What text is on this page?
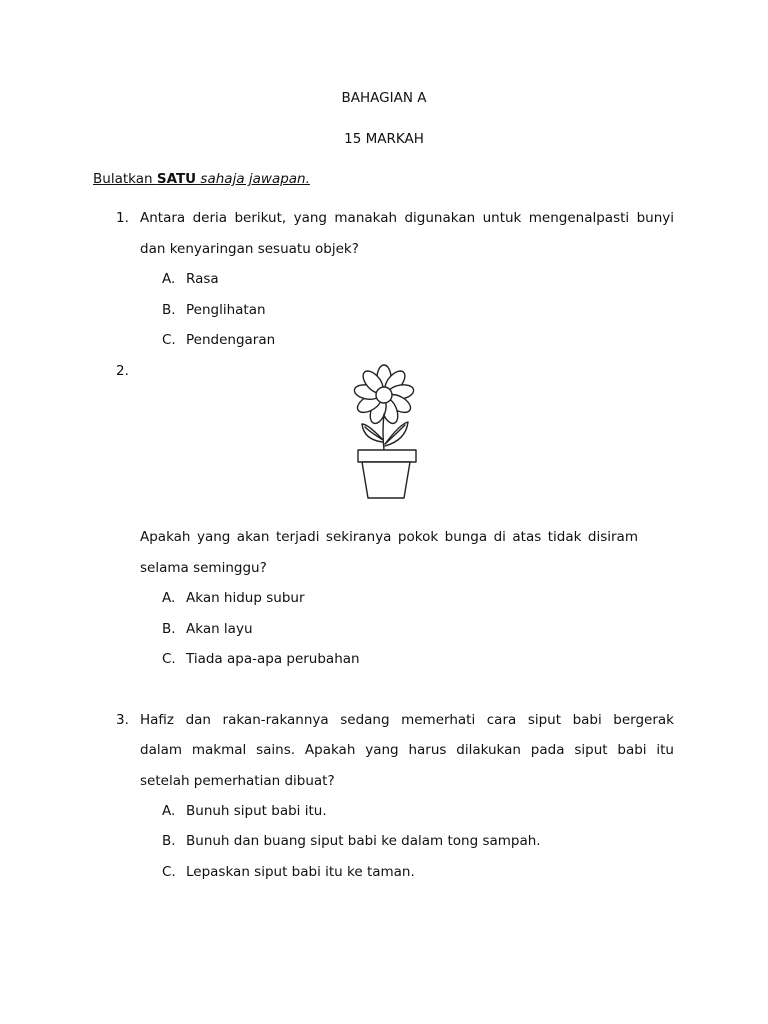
BAHAGIAN A
15 MARKAH
Bulatkan SATU sahaja jawapan.
1. Antara deria berikut, yang manakah digunakan untuk mengenalpasti bunyi
dan kenyaringan sesuatu objek?
A. Rasa
B. Penglihatan
C. Pendengaran
2.
Apakah yang akan terjadi sekiranya pokok bunga di atas tidak disiram
selama seminggu?
A. Akan hidup subur
B. Akan layu
C. Tiada apa-apa perubahan
3. Hafiz dan rakan-rakannya sedang memerhati cara siput babi bergerak
dalam makmal sains. Apakah yang harus dilakukan pada siput babi itu
setelah pemerhatian dibuat?
A. Bunuh siput babi itu.
B. Bunuh dan buang siput babi ke dalam tong sampah.
C. Lepaskan siput babi itu ke taman.
